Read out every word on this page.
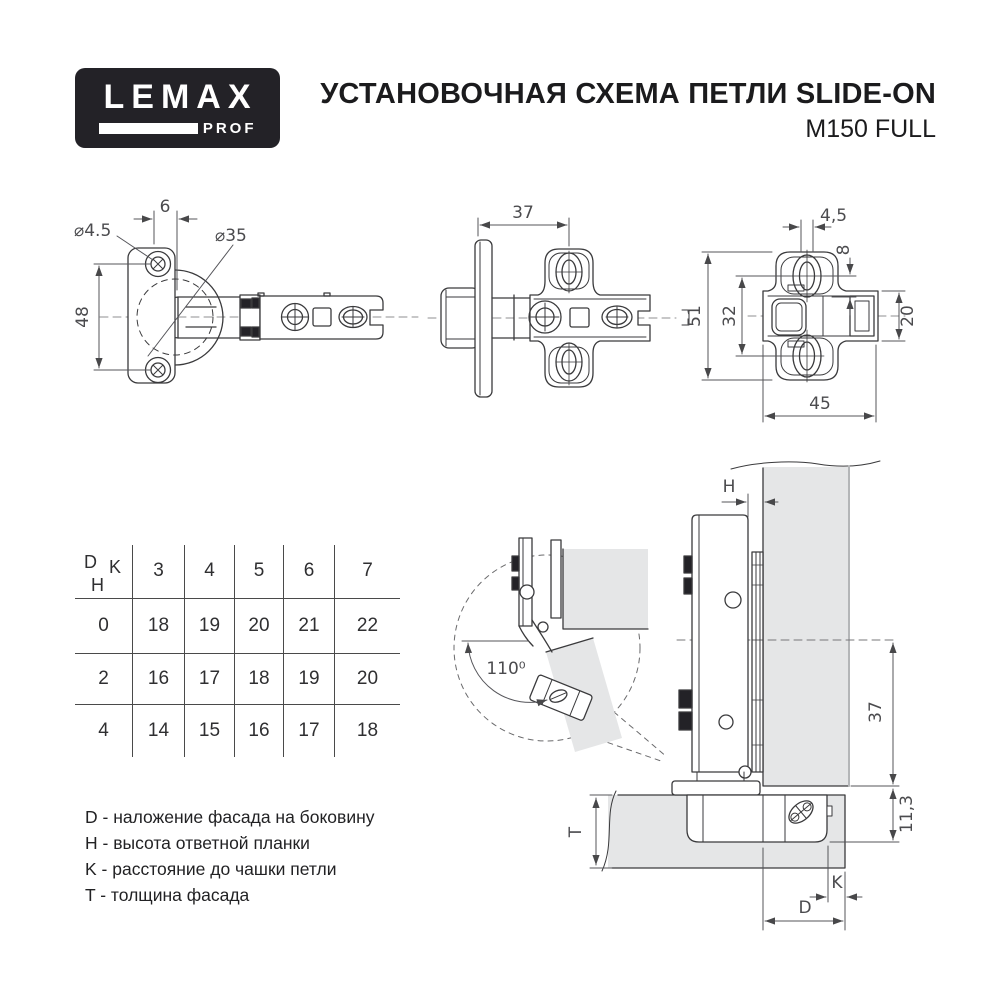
⌀4.5
6
⌀35
48
37	4,5
8
51 32	20
45
110⁰
H
37
11,3
T
K
D
LEMAX
PROF
УСТАНОВОЧНАЯ СХЕМА ПЕТЛИ SLIDE-ON
M150 FULL
D K
H	3	4	5	6	7
0	18	19	20	21	22
2	16	17	18	19	20
4	14	15	16	17	18
D - наложение фасада на боковину
H - высота ответной планки
K - расстояние до чашки петли
T - толщина фасада
